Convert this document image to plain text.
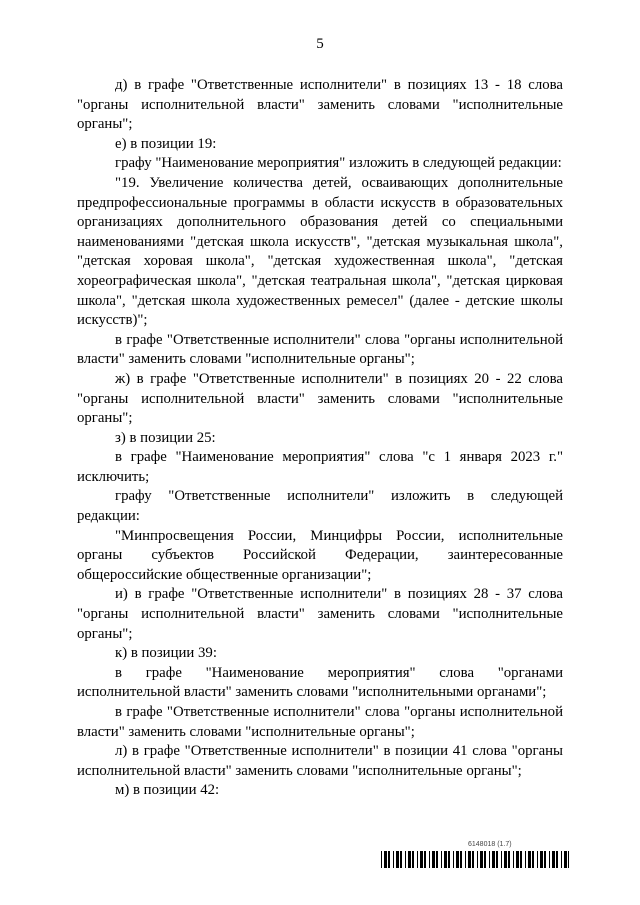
5

д) в графе "Ответственные исполнители" в позициях 13 - 18 слова "органы исполнительной власти" заменить словами "исполнительные органы";

е) в позиции 19:

графу "Наименование мероприятия" изложить в следующей редакции:

"19. Увеличение количества детей, осваивающих дополнительные предпрофессиональные программы в области искусств в образовательных организациях дополнительного образования детей со специальными наименованиями "детская школа искусств", "детская музыкальная школа", "детская хоровая школа", "детская художественная школа", "детская хореографическая школа", "детская театральная школа", "детская цирковая школа", "детская школа художественных ремесел" (далее - детские школы искусств)";

в графе "Ответственные исполнители" слова "органы исполнительной власти" заменить словами "исполнительные органы";

ж) в графе "Ответственные исполнители" в позициях 20 - 22 слова "органы исполнительной власти" заменить словами "исполнительные органы";

з) в позиции 25:

в графе "Наименование мероприятия" слова "с 1 января 2023 г." исключить;

графу "Ответственные исполнители" изложить в следующей редакции:

"Минпросвещения России, Минцифры России, исполнительные органы субъектов Российской Федерации, заинтересованные общероссийские общественные организации";

и) в графе "Ответственные исполнители" в позициях 28 - 37 слова "органы исполнительной власти" заменить словами "исполнительные органы";

к) в позиции 39:

в графе "Наименование мероприятия" слова "органами исполнительной власти" заменить словами "исполнительными органами";

в графе "Ответственные исполнители" слова "органы исполнительной власти" заменить словами "исполнительные органы";

л) в графе "Ответственные исполнители" в позиции 41 слова "органы исполнительной власти" заменить словами "исполнительные органы";

м) в позиции 42:

6148018 (1.7)
